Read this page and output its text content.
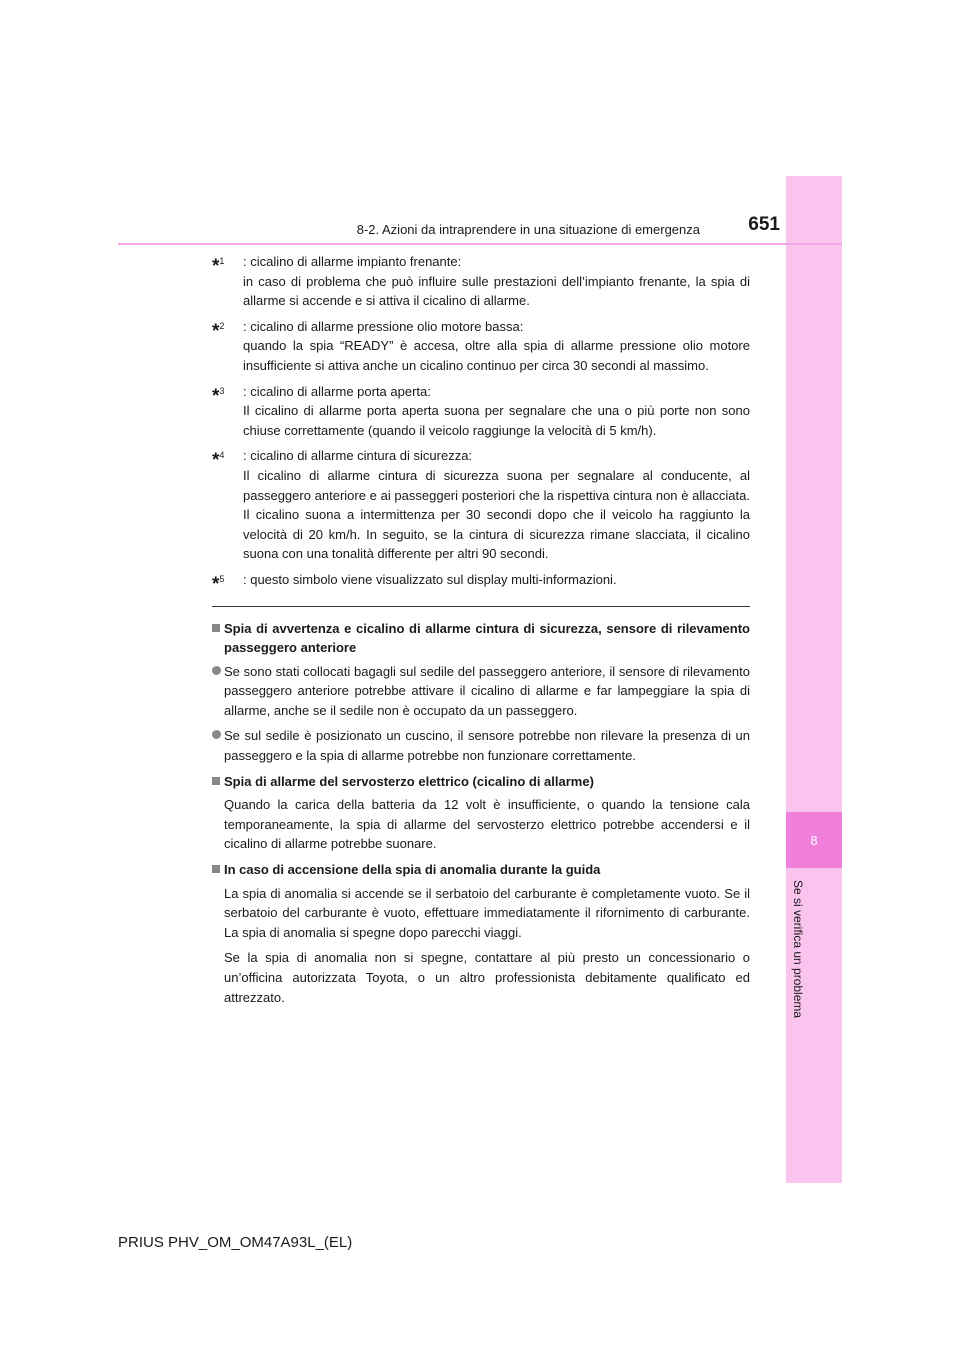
8
Se si verifica un problema
8-2. Azioni da intraprendere in una situazione di emergenza	651
*$^1$	: cicalino di allarme impianto frenante:
in caso di problema che può influire sulle prestazioni dell’impianto frenante, la spia di allarme si accende e si attiva il cicalino di allarme.
*$^2$	: cicalino di allarme pressione olio motore bassa:
quando la spia “READY” è accesa, oltre alla spia di allarme pressione olio motore insufficiente si attiva anche un cicalino continuo per circa 30 secondi al massimo.
*$^3$	: cicalino di allarme porta aperta:
Il cicalino di allarme porta aperta suona per segnalare che una o più porte non sono chiuse correttamente (quando il veicolo raggiunge la velocità di 5 km/h).
*$^4$	: cicalino di allarme cintura di sicurezza:
Il cicalino di allarme cintura di sicurezza suona per segnalare al conducente, al passeggero anteriore e ai passeggeri posteriori che la rispettiva cintura non è allacciata. Il cicalino suona a intermittenza per 30 secondi dopo che il veicolo ha raggiunto la velocità di 20 km/h. In seguito, se la cintura di sicurezza rimane slacciata, il cicalino suona con una tonalità differente per altri 90 secondi.
*$^5$	: questo simbolo viene visualizzato sul display multi-informazioni.
Spia di avvertenza e cicalino di allarme cintura di sicurezza, sensore di rilevamento passeggero anteriore
Se sono stati collocati bagagli sul sedile del passeggero anteriore, il sensore di rilevamento passeggero anteriore potrebbe attivare il cicalino di allarme e far lampeggiare la spia di allarme, anche se il sedile non è occupato da un passeggero.
Se sul sedile è posizionato un cuscino, il sensore potrebbe non rilevare la presenza di un passeggero e la spia di allarme potrebbe non funzionare correttamente.
Spia di allarme del servosterzo elettrico (cicalino di allarme)
Quando la carica della batteria da 12 volt è insufficiente, o quando la tensione cala temporaneamente, la spia di allarme del servosterzo elettrico potrebbe accendersi e il cicalino di allarme potrebbe suonare.
In caso di accensione della spia di anomalia durante la guida
La spia di anomalia si accende se il serbatoio del carburante è completamente vuoto. Se il serbatoio del carburante è vuoto, effettuare immediatamente il rifornimento di carburante. La spia di anomalia si spegne dopo parecchi viaggi.
Se la spia di anomalia non si spegne, contattare al più presto un concessionario o un’officina autorizzata Toyota, o un altro professionista debitamente qualificato ed attrezzato.
PRIUS PHV_OM_OM47A93L_(EL)
